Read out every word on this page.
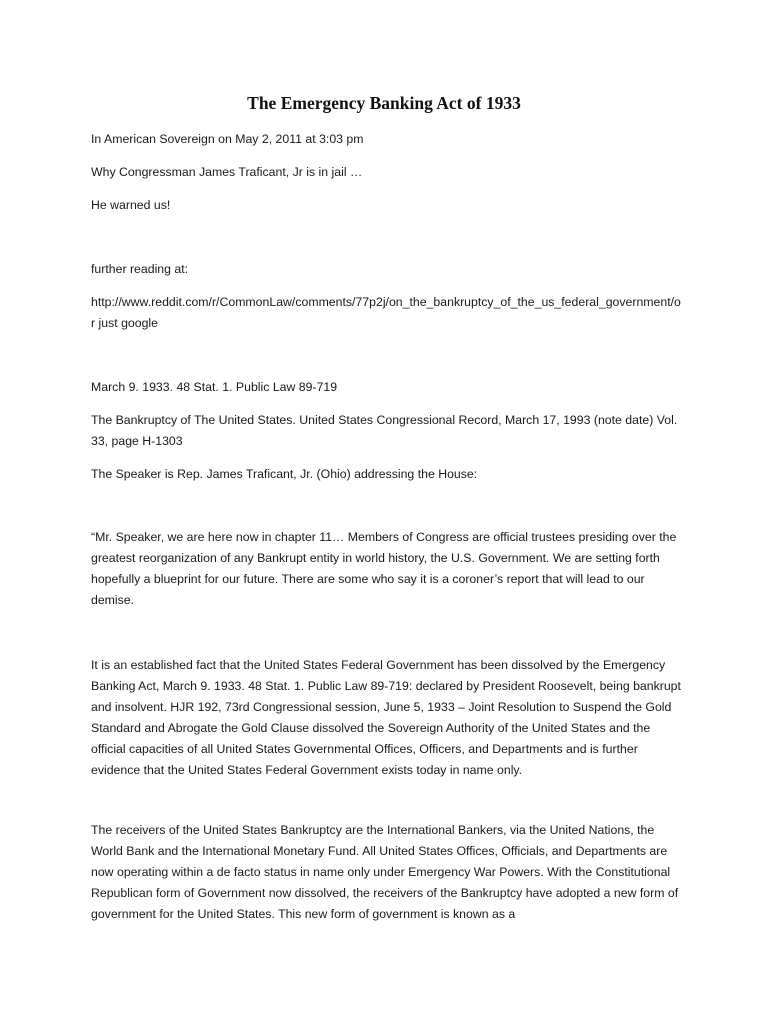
The Emergency Banking Act of 1933

In American Sovereign on May 2, 2011 at 3:03 pm

Why Congressman James Traficant, Jr is in jail …

He warned us!

further reading at:

http://www.reddit.com/r/CommonLaw/comments/77p2j/on_the_bankruptcy_of_the_us_federal_government/or just google

March 9. 1933. 48 Stat. 1. Public Law 89-719

The Bankruptcy of The United States. United States Congressional Record, March 17, 1993 (note date) Vol. 33, page H-1303

The Speaker is Rep. James Traficant, Jr. (Ohio) addressing the House:

“Mr. Speaker, we are here now in chapter 11… Members of Congress are official trustees presiding over the greatest reorganization of any Bankrupt entity in world history, the U.S. Government. We are setting forth hopefully a blueprint for our future. There are some who say it is a coroner’s report that will lead to our demise.

It is an established fact that the United States Federal Government has been dissolved by the Emergency Banking Act, March 9. 1933. 48 Stat. 1. Public Law 89-719: declared by President Roosevelt, being bankrupt and insolvent. HJR 192, 73rd Congressional session, June 5, 1933 – Joint Resolution to Suspend the Gold Standard and Abrogate the Gold Clause dissolved the Sovereign Authority of the United States and the official capacities of all United States Governmental Offices, Officers, and Departments and is further evidence that the United States Federal Government exists today in name only.

The receivers of the United States Bankruptcy are the International Bankers, via the United Nations, the World Bank and the International Monetary Fund. All United States Offices, Officials, and Departments are now operating within a de facto status in name only under Emergency War Powers. With the Constitutional Republican form of Government now dissolved, the receivers of the Bankruptcy have adopted a new form of government for the United States. This new form of government is known as a
